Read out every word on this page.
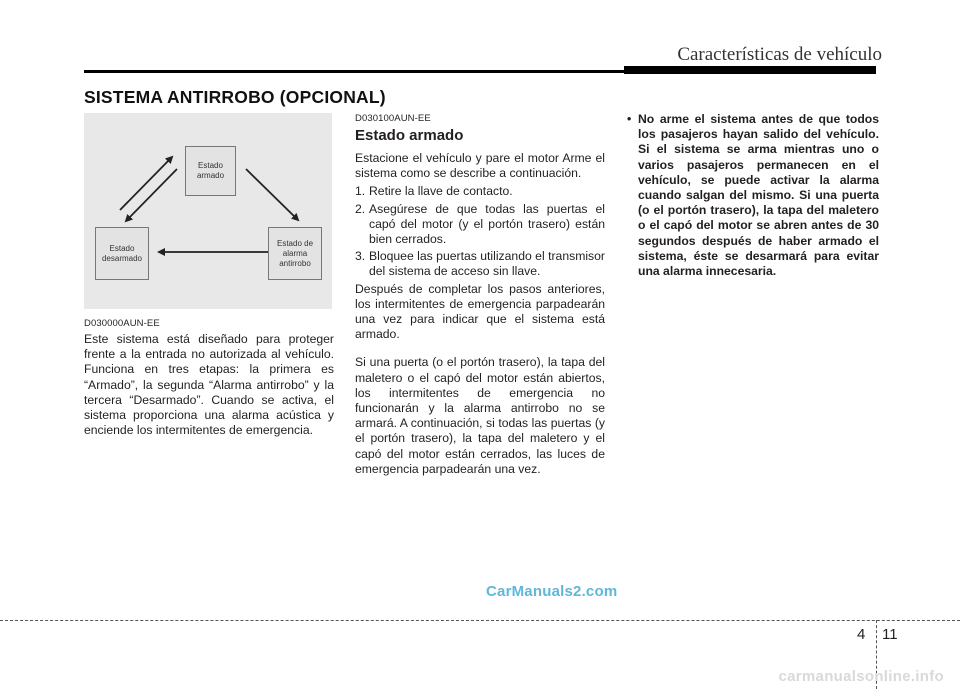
Características de vehículo
SISTEMA ANTIRROBO (OPCIONAL)
Estado armado
Estado desarmado
Estado de alarma antirrobo
D030000AUN-EE
Este sistema está diseñado para proteger frente a la entrada no autorizada al vehículo. Funciona en tres etapas: la primera es “Armado”, la segunda “Alarma antirrobo” y la tercera “Desarmado”. Cuando se activa, el sistema proporciona una alarma acústica y enciende los intermitentes de emergencia.
D030100AUN-EE
Estado armado

Estacione el vehículo y pare el motor Arme el sistema como se describe a continuación.

1. Retire la llave de contacto.
2. Asegúrese de que todas las puertas el capó del motor (y el portón trasero) están bien cerrados.
3. Bloquee las puertas utilizando el transmisor del sistema de acceso sin llave.

Después de completar los pasos anteriores, los intermitentes de emergencia parpadearán una vez para indicar que el sistema está armado.

Si una puerta (o el portón trasero), la tapa del maletero o el capó del motor están abiertos, los intermitentes de emergencia no funcionarán y la alarma antirrobo no se armará. A continuación, si todas las puertas (y el portón trasero), la tapa del maletero y el capó del motor están cerrados, las luces de emergencia parpadearán una vez.

• No arme el sistema antes de que todos los pasajeros hayan salido del vehículo. Si el sistema se arma mientras uno o varios pasajeros permanecen en el vehículo, se puede activar la alarma cuando salgan del mismo. Si una puerta (o el portón trasero), la tapa del maletero o el capó del motor se abren antes de 30 segundos después de haber armado el sistema, éste se desarmará para evitar una alarma innecesaria.
CarManuals2.com
4 11
carmanualsonline.info
